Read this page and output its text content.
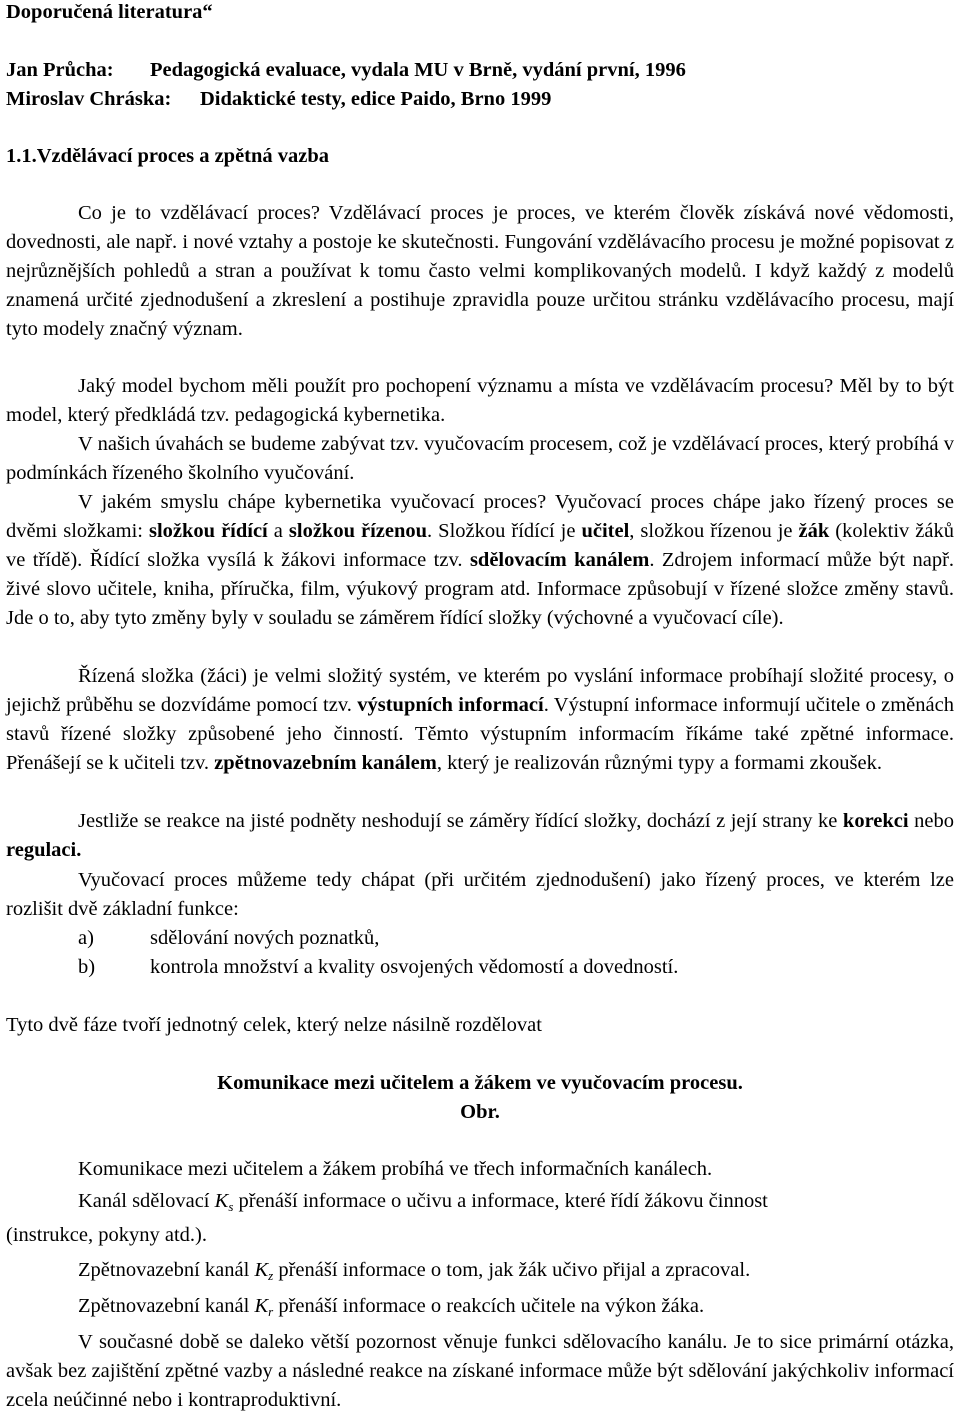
Doporučená literatura“
Jan Průcha: Pedagogická evaluace, vydala MU v Brně, vydání první, 1996
Miroslav Chráska: Didaktické testy, edice Paido, Brno 1999
1.1.Vzdělávací proces a zpětná vazba
Co je to vzdělávací proces? Vzdělávací proces je proces, ve kterém člověk získává nové vědomosti, dovednosti, ale např. i nové vztahy a postoje ke skutečnosti. Fungování vzdělávacího procesu je možné popisovat z nejrůznějších pohledů a stran a používat k tomu často velmi komplikovaných modelů. I když každý z modelů znamená určité zjednodušení a zkreslení a postihuje zpravidla pouze určitou stránku vzdělávacího procesu, mají tyto modely značný význam.
Jaký model bychom měli použít pro pochopení významu a místa ve vzdělávacím procesu? Měl by to být model, který předkládá tzv. pedagogická kybernetika.
V našich úvahách se budeme zabývat tzv. vyučovacím procesem, což je vzdělávací proces, který probíhá v podmínkách řízeného školního vyučování.
V jakém smyslu chápe kybernetika vyučovací proces? Vyučovací proces chápe jako řízený proces se dvěmi složkami: složkou řídící a složkou řízenou. Složkou řídící je učitel, složkou řízenou je žák (kolektiv žáků ve třídě). Řídící složka vysílá k žákovi informace tzv. sdělovacím kanálem. Zdrojem informací může být např. živé slovo učitele, kniha, příručka, film, výukový program atd. Informace způsobují v řízené složce změny stavů. Jde o to, aby tyto změny byly v souladu se záměrem řídící složky (výchovné a vyučovací cíle).
Řízená složka (žáci) je velmi složitý systém, ve kterém po vyslání informace probíhají složité procesy, o jejichž průběhu se dozvídáme pomocí tzv. výstupních informací. Výstupní informace informují učitele o změnách stavů řízené složky způsobené jeho činností. Těmto výstupním informacím říkáme také zpětné informace. Přenášejí se k učiteli tzv. zpětnovazebním kanálem, který je realizován různými typy a formami zkoušek.
Jestliže se reakce na jisté podněty neshodují se záměry řídící složky, dochází z její strany ke korekci nebo regulaci.
Vyučovací proces můžeme tedy chápat (při určitém zjednodušení) jako řízený proces, ve kterém lze rozlišit dvě základní funkce:
a)	sdělování nových poznatků,
b)	kontrola množství a kvality osvojených vědomostí a dovedností.
Tyto dvě fáze tvoří jednotný celek, který nelze násilně rozdělovat
Komunikace mezi učitelem a žákem ve vyučovacím procesu.
Obr.
Komunikace mezi učitelem a žákem probíhá ve třech informačních kanálech.
Kanál sdělovací $K_s$ přenáší informace o učivu a informace, které řídí žákovu činnost
(instrukce, pokyny atd.).
Zpětnovazební kanál $K_z$ přenáší informace o tom, jak žák učivo přijal a zpracoval.
Zpětnovazební kanál $K_r$ přenáší informace o reakcích učitele na výkon žáka.
V současné době se daleko větší pozornost věnuje funkci sdělovacího kanálu. Je to sice primární otázka, avšak bez zajištění zpětné vazby a následné reakce na získané informace může být sdělování jakýchkoliv informací zcela neúčinné nebo i kontraproduktivní.
